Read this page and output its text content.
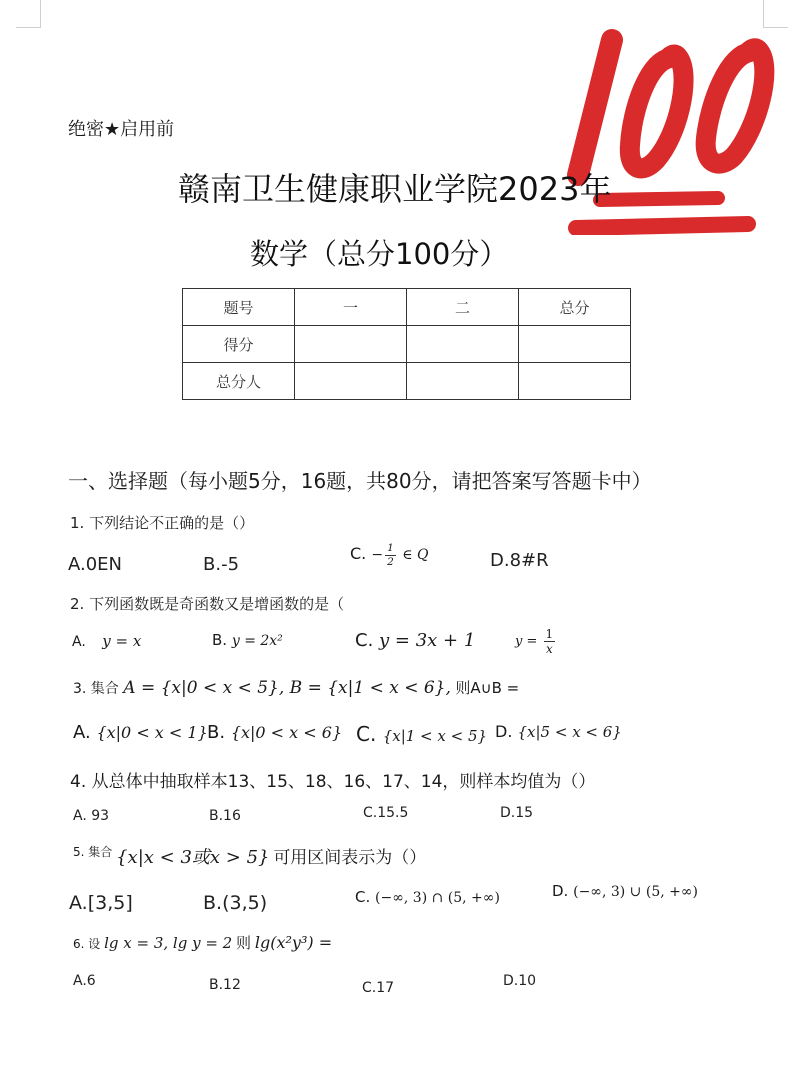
绝密★启用前
赣南卫生健康职业学院2023年
数学（总分100分）
题号	一	二	总分
得分			
总分人			
一、选择题（每小题5分，16题，共80分，请把答案写答题卡中）
1. 下列结论不正确的是（）
A.0EN	B.-5
C. − $\frac{1}{2}$ ∈ Q	D.8#R
2. 下列函数既是奇函数又是增函数的是（
A. y = x	B. y = 2x²	C. y = 3x + 1	$y = \frac{1}{x}$
3. 集合 A = {x|0 < x < 5}, B = {x|1 < x < 6}, 则A∪B =
A. {x|0 < x < 1} B. {x|0 < x < 6} C. {x|1 < x < 5} D. {x|5 < x < 6}
4. 从总体中抽取样本13、15、18、16、17、14，则样本均值为（）
A. 93	B.16	C.15.5	D.15
5. 集合 {x|x < 3或x > 5} 可用区间表示为（）
A.[3,5]	B.(3,5)	C. (−∞, 3) ∩ (5, +∞)	D. (−∞, 3) ∪ (5, +∞)
6. 设 lg x = 3, lg y = 2 则 lg(x²y³) =
A.6	B.12	C.17	D.10
